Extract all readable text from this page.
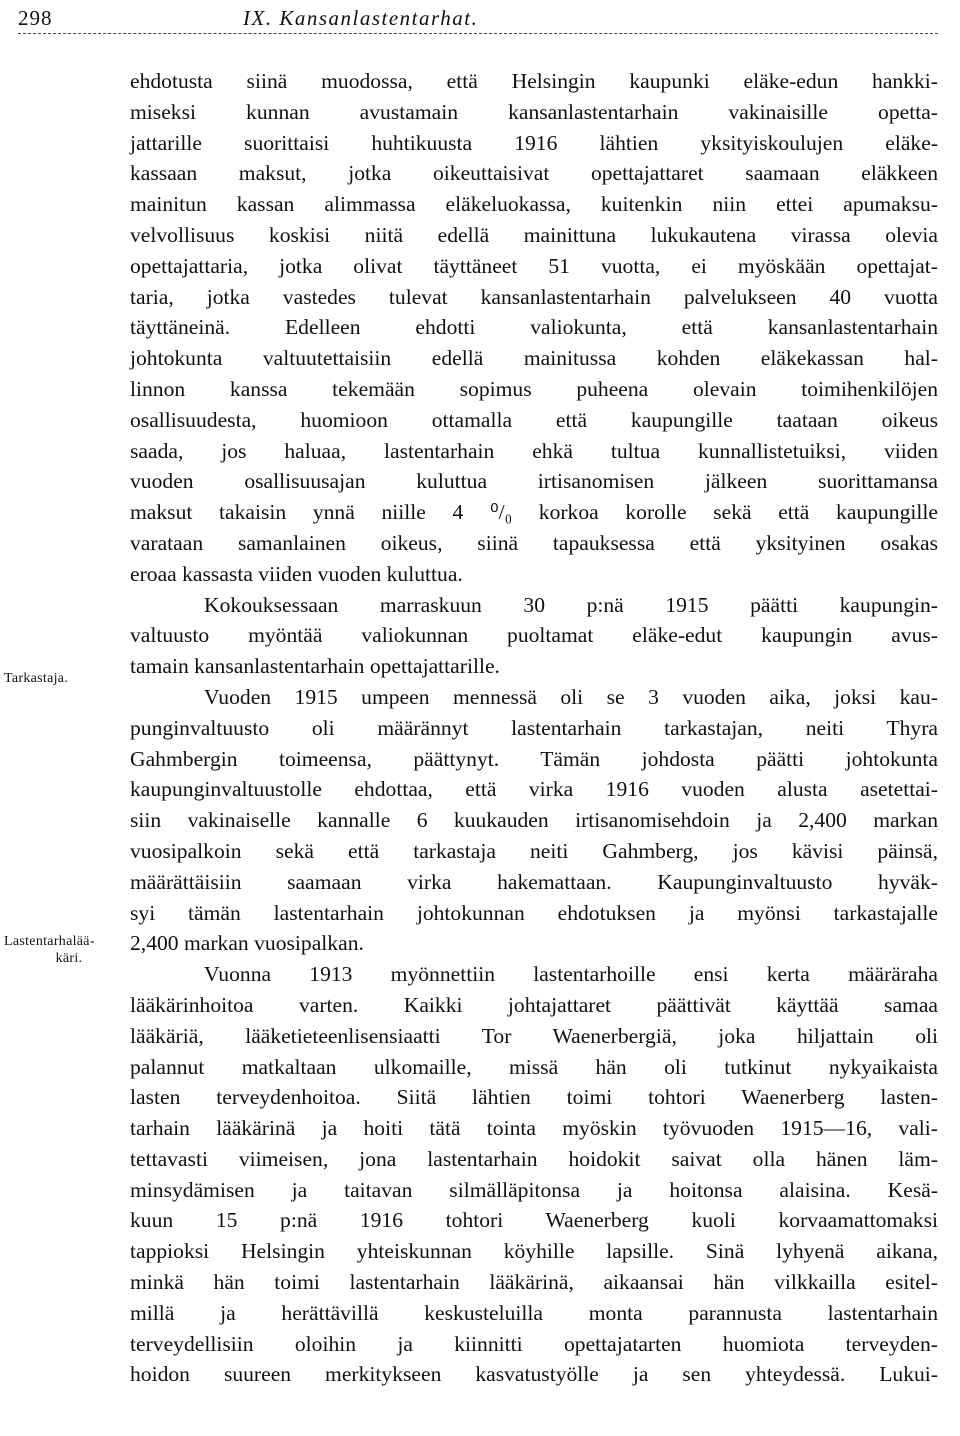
298	IX. Kansanlastentarhat.
Tarkastaja.
Lastentarhalää-
käri.
ehdotusta siinä muodossa, että Helsingin kaupunki eläke-edun hankki-
miseksi kunnan avustamain kansanlastentarhain vakinaisille opetta-
jattarille suorittaisi huhtikuusta 1916 lähtien yksityiskoulujen eläke-
kassaan maksut, jotka oikeuttaisivat opettajattaret saamaan eläkkeen
mainitun kassan alimmassa eläkeluokassa, kuitenkin niin ettei apumaksu-
velvollisuus koskisi niitä edellä mainittuna lukukautena virassa olevia
opettajattaria, jotka olivat täyttäneet 51 vuotta, ei myöskään opettajat-
taria, jotka vastedes tulevat kansanlastentarhain palvelukseen 40 vuotta
täyttäneinä. Edelleen ehdotti valiokunta, että kansanlastentarhain
johtokunta valtuutettaisiin edellä mainitussa kohden eläkekassan hal-
linnon kanssa tekemään sopimus puheena olevain toimihenkilöjen
osallisuudesta, huomioon ottamalla että kaupungille taataan oikeus
saada, jos haluaa, lastentarhain ehkä tultua kunnallistetuiksi, viiden
vuoden osallisuusajan kuluttua irtisanomisen jälkeen suorittamansa
maksut takaisin ynnä niille 4 ⁰/₀ korkoa korolle sekä että kaupungille
varataan samanlainen oikeus, siinä tapauksessa että yksityinen osakas
eroaa kassasta viiden vuoden kuluttua.
Kokouksessaan marraskuun 30 p:nä 1915 päätti kaupungin-
valtuusto myöntää valiokunnan puoltamat eläke-edut kaupungin avus-
tamain kansanlastentarhain opettajattarille.
Vuoden 1915 umpeen mennessä oli se 3 vuoden aika, joksi kau-
punginvaltuusto oli määrännyt lastentarhain tarkastajan, neiti Thyra
Gahmbergin toimeensa, päättynyt. Tämän johdosta päätti johtokunta
kaupunginvaltuustolle ehdottaa, että virka 1916 vuoden alusta asetettai-
siin vakinaiselle kannalle 6 kuukauden irtisanomisehdoin ja 2,400 markan
vuosipalkoin sekä että tarkastaja neiti Gahmberg, jos kävisi päinsä,
määrättäisiin saamaan virka hakemattaan. Kaupunginvaltuusto hyväk-
syi tämän lastentarhain johtokunnan ehdotuksen ja myönsi tarkastajalle
2,400 markan vuosipalkan.
Vuonna 1913 myönnettiin lastentarhoille ensi kerta määräraha
lääkärinhoitoa varten. Kaikki johtajattaret päättivät käyttää samaa
lääkäriä, lääketieteenlisensiaatti Tor Waenerbergiä, joka hiljattain oli
palannut matkaltaan ulkomaille, missä hän oli tutkinut nykyaikaista
lasten terveydenhoitoa. Siitä lähtien toimi tohtori Waenerberg lasten-
tarhain lääkärinä ja hoiti tätä tointa myöskin työvuoden 1915—16, vali-
tettavasti viimeisen, jona lastentarhain hoidokit saivat olla hänen läm-
minsydämisen ja taitavan silmälläpitonsa ja hoitonsa alaisina. Kesä-
kuun 15 p:nä 1916 tohtori Waenerberg kuoli korvaamattomaksi
tappioksi Helsingin yhteiskunnan köyhille lapsille. Sinä lyhyenä aikana,
minkä hän toimi lastentarhain lääkärinä, aikaansai hän vilkkailla esitel-
millä ja herättävillä keskusteluilla monta parannusta lastentarhain
terveydellisiin oloihin ja kiinnitti opettajatarten huomiota terveyden-
hoidon suureen merkitykseen kasvatustyölle ja sen yhteydessä. Lukui-
